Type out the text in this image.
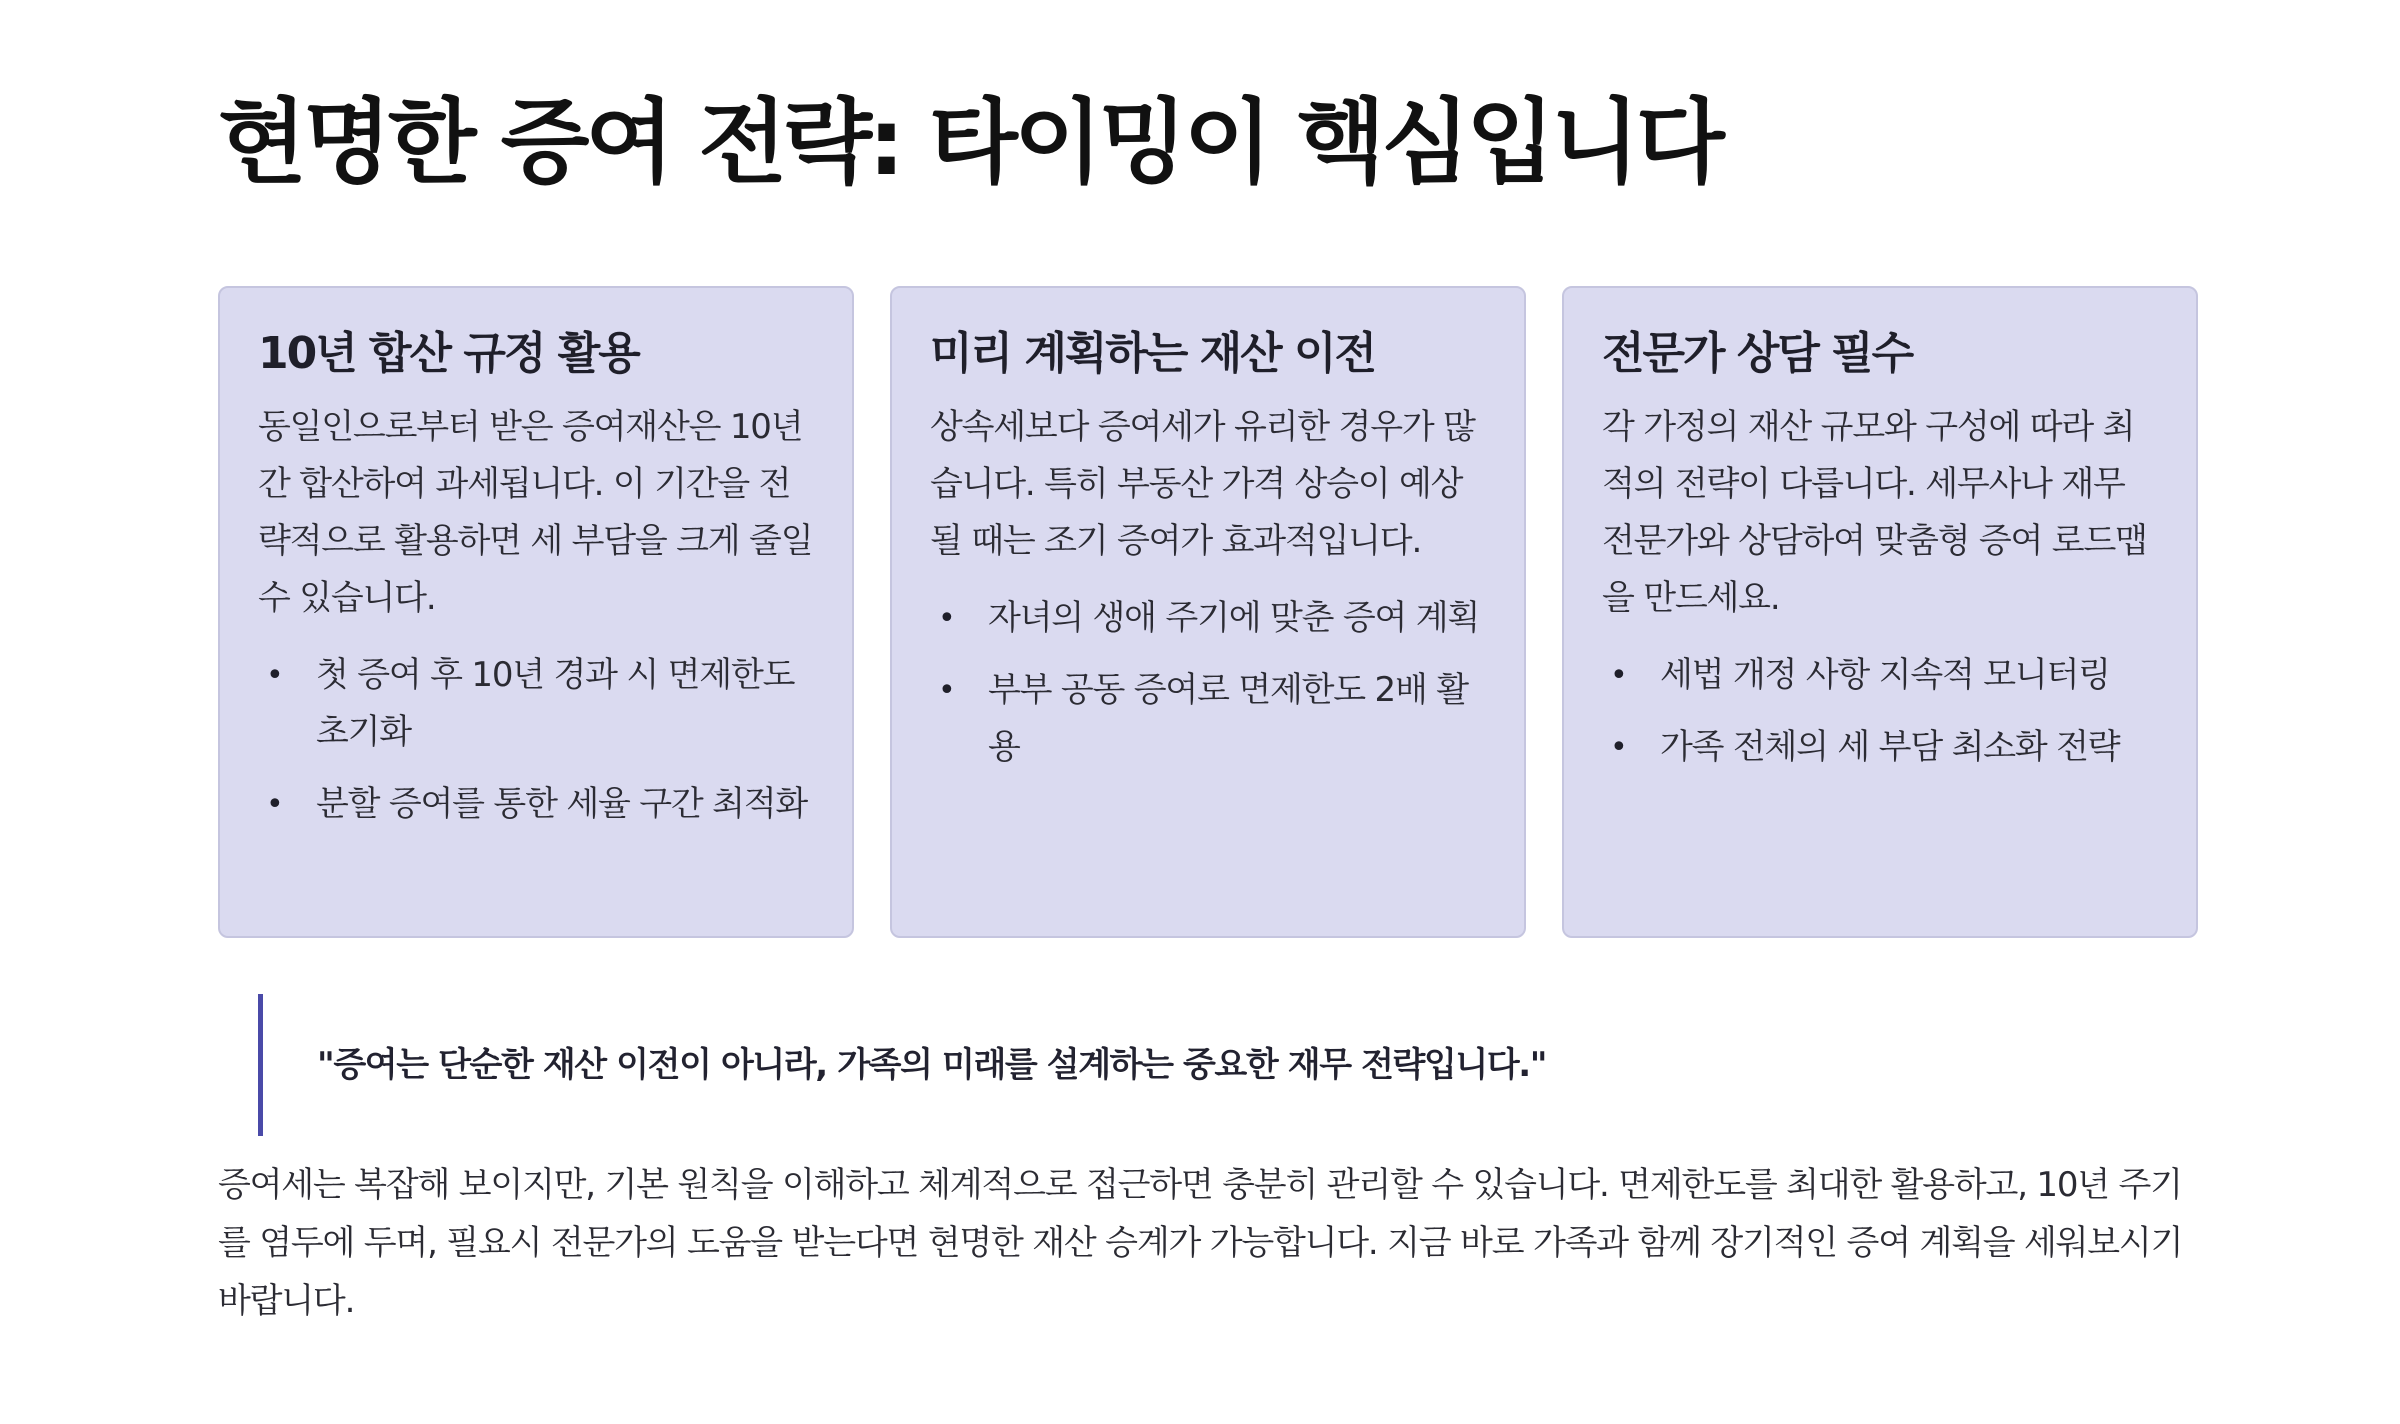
현명한 증여 전략: 타이밍이 핵심입니다
10년 합산 규정 활용

동일인으로부터 받은 증여재산은 10년간 합산하여 과세됩니다. 이 기간을 전략적으로 활용하면 세 부담을 크게 줄일 수 있습니다.

• 첫 증여 후 10년 경과 시 면제한도 초기화
• 분할 증여를 통한 세율 구간 최적화
미리 계획하는 재산 이전

상속세보다 증여세가 유리한 경우가 많습니다. 특히 부동산 가격 상승이 예상될 때는 조기 증여가 효과적입니다.

• 자녀의 생애 주기에 맞춘 증여 계획
• 부부 공동 증여로 면제한도 2배 활용
전문가 상담 필수

각 가정의 재산 규모와 구성에 따라 최적의 전략이 다릅니다. 세무사나 재무 전문가와 상담하여 맞춤형 증여 로드맵을 만드세요.

• 세법 개정 사항 지속적 모니터링
• 가족 전체의 세 부담 최소화 전략

"증여는 단순한 재산 이전이 아니라, 가족의 미래를 설계하는 중요한 재무 전략입니다."

증여세는 복잡해 보이지만, 기본 원칙을 이해하고 체계적으로 접근하면 충분히 관리할 수 있습니다. 면제한도를 최대한 활용하고, 10년 주기를 염두에 두며, 필요시 전문가의 도움을 받는다면 현명한 재산 승계가 가능합니다. 지금 바로 가족과 함께 장기적인 증여 계획을 세워보시기 바랍니다.
